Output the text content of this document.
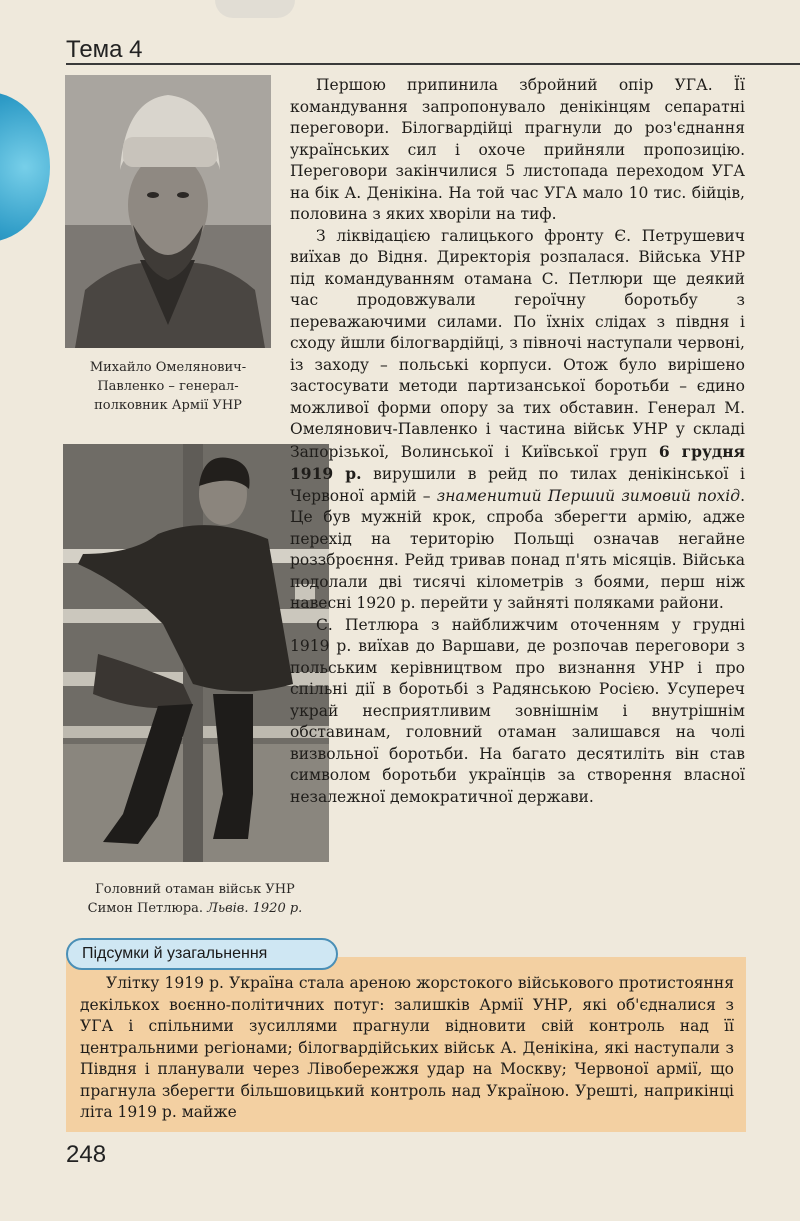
Тема 4
Михайло Омелянович-
Павленко – генерал-
полковник Армії УНР
Головний отаман військ УНР
Симон Петлюра. Львів. 1920 р.

Першою припинила збройний опір УГА. Її командування запропонувало денікінцям сепаратні переговори. Білогвардійці прагнули до роз'єднання українських сил і охоче прийняли пропозицію. Переговори закінчилися 5 листопада переходом УГА на бік А. Денікіна. На той час УГА мало 10 тис. бійців, половина з яких хворіли на тиф.

З ліквідацією галицького фронту Є. Петрушевич виїхав до Відня. Директорія розпалася. Війська УНР під командуванням отамана С. Петлюри ще деякий час продовжували героїчну боротьбу з переважаючими силами. По їхніх слідах з півдня і сходу йшли білогвардійці, з півночі наступали червоні, із заходу – польські корпуси. Отож було вирішено застосувати методи партизанської боротьби – єдино можливої форми опору за тих обставин. Генерал М. Омелянович-Павленко і частина військ УНР у складі Запорізької, Волинської і Київської груп 6 грудня 1919 р. вирушили в рейд по тилах денікінської і Червоної армій – знаменитий Перший зимовий похід. Це був мужній крок, спроба зберегти армію, адже перехід на територію Польщі означав негайне роззброєння. Рейд тривав понад п'ять місяців. Війська подолали дві тисячі кілометрів з боями, перш ніж навесні 1920 р. перейти у зайняті поляками райони.

С. Петлюра з найближчим оточенням у грудні 1919 р. виїхав до Варшави, де розпочав переговори з польським керівництвом про визнання УНР і про спільні дії в боротьбі з Радянською Росією. Усупереч украй несприятливим зовнішнім і внутрішнім обставинам, головний отаман залишався на чолі визвольної боротьби. На багато десятиліть він став символом боротьби українців за створення власної незалежної демократичної держави.

Улітку 1919 р. Україна стала ареною жорстокого військового протистояння декількох воєнно-політичних потуг: залишків Армії УНР, які об'єдналися з УГА і спільними зусиллями прагнули відновити свій контроль над її центральними регіонами; білогвардійських військ А. Денікіна, які наступали з Півдня і планували через Лівобережжя удар на Москву; Червоної армії, що прагнула зберегти більшовицький контроль над Україною. Урешті, наприкінці літа 1919 р. майже

Підсумки й узагальнення
248
